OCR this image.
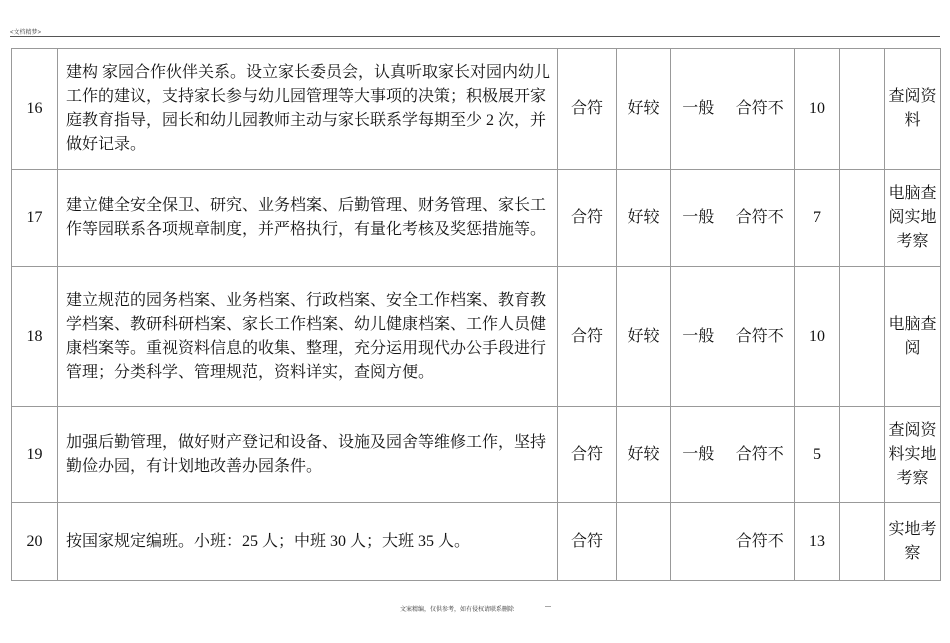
<文档精梦>
16	建构 家园合作伙伴关系。设立家长委员会，认真听取家长对园内幼儿工作的建议，支持家长参与幼儿园管理等大事项的决策；积极展开家庭教育指导，园长和幼儿园教师主动与家长联系学每期至少 2 次，并做好记录。	合符	好较	一般	合符不	10		查阅资料
17	建立健全安全保卫、研究、业务档案、后勤管理、财务管理、家长工作等园联系各项规章制度，并严格执行，有量化考核及奖惩措施等。	合符	好较	一般	合符不	7		电脑查阅实地考察
18	建立规范的园务档案、业务档案、行政档案、安全工作档案、教育教学档案、教研科研档案、家长工作档案、幼儿健康档案、工作人员健康档案等。重视资料信息的收集、整理，充分运用现代办公手段进行管理；分类科学、管理规范，资料详实，查阅方便。	合符	好较	一般	合符不	10		电脑查阅
19	加强后勤管理，做好财产登记和设备、设施及园舍等维修工作，坚持勤俭办园，有计划地改善办园条件。	合符	好较	一般	合符不	5		查阅资料实地考察
20	按国家规定编班。小班：25 人；中班 30 人；大班 35 人。	合符			合符不	13		实地考察
文案精编，仅供参考，如有侵权请联系删除	—
